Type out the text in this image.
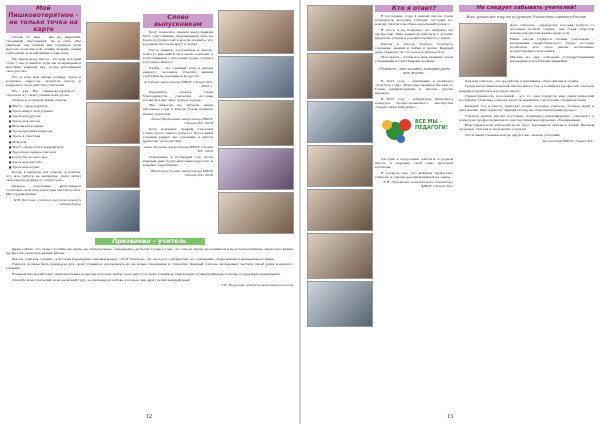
Мой Пишковотерятное – не только точка на карте

Летом 21 мая – мы не знающий, скромный, внутренний ты в себе. Мы уважаем, мы любим, мы гордимся этим местом, этой школой, этими людьми, этими учителями, в своей жизни и навсегда.

На самом деле, школа – это дом, который стоит у нас в памяти, куда мы возвращаемся мыслями каждый раз, когда вспоминаем своё детство.

Это и есть моя малая родина. Здесь я родилась, выросла, окончила школу и вернулась сюда работать учителем.

Что для Вас Пишковотерятное? – спросила я у своих учеников на уроке.

Сперва я получила такие ответы:

■ Место, где я родился

■ Здесь живут мои родные

■ Здесь мои друзья

■ Здесь моя школа

■ Моя малая родина

■ Здесь красивая природа

■ Здесь я счастлив

■ Мой дом

■ Место, куда хочется вернуться

■ Здесь мои первые учителя

■ Гордость за своё село

■ Здесь моё детство

■ Здесь мои корни

Когда я увидела эти ответы, я поняла, что моя работа не напрасна. Дети любят свою малую родину и гордятся ею.

Каждое поколение выпускников оставляет свой след в истории школы и села. Мы гордимся ими.

И.В. Пасхина, учитель русского языка и литературы

Слово выпускникам

Хочу пожелать нашим выпускникам быть счастливыми, уверенными в себе, не бояться трудностей и всегда помнить, что в родной школе их ждут и любят.

Пусть знания, полученные в школе, помогут вам найти своё место в жизни, а воспоминания о школьных годах согреют в трудную минуту.

Учёба – это главный этап в жизни каждого человека. Спасибо нашим учителям за терпение и мудрость.

А.Лобова, выпускница МБОУ «Лицей №3» 2016 г.

Разрешите сказать слова благодарности учителям, которые вложили в нас свою душу и сердце.

Мы никогда не забудем наши школьные годы и всегда будем помнить наших учителей.

Алена Дегтярева, выпускница МБОУ «Лицей №3» 2016

Хочу пожелать первым учителям только всего самого доброго! Пусть ваши ученики радуют вас успехами, а работа приносит удовольствие.

Анна Леонова, выпускница МБОУ «Лицей №3» 2016

Пожелание в последний год: пусть каждый день будет наполнен радостью и новыми открытиями!

Виктория Гусева, выпускница МБОУ «Лицей №3» 2016

Призвание – учитель

Даже сейчас, что люди случайно не такие, не обязательные, совершенно, не были готовы к тому, что они не знали, не понимали и не хотели понимать, насколько важна профессия учителя в нашей жизни.

Школа, учитель, ученик – эти слова неразрывно связаны между собой. Учитель – это не просто профессия, это призвание, образ жизни и жизненная позиция.

Учитель должен быть примером для своих учеников, вдохновлять их на новые свершения и открытия. Каждый учитель вкладывает частицу своей души в каждого ученика.

В нашей школе работают замечательные педагоги, которые любят свою работу и своих учеников. Они всегда готовы прийти на помощь, поддержать и направить.

Спасибо всем учителям за их нелёгкий труд, за терпение и любовь, которые они дарят детям каждый день!

Т.В. Морозова, учитель начальных классов

12
Кто я ответ?

В последние годы в нашей школе стали появляться молодые учителя, которые по-новому смотрят на образовательный процесс.

Я учусь, и не пожалею, что выбрала эту профессию. Мне нравится работать с детьми, видеть их успехи и радоваться вместе с ними.

Работа в школе требует большого терпения, знаний и любви к детям. Каждый день приносит что-то новое и интересное.

Моя мечта – чтобы все мои ученики стали успешными и счастливыми людьми.

«Учитель – это человек, который учит всю жизнь»

В 2012 году – призвание в конкурсе «Учитель года». Благодарственные письма от Главы администрации и многие другие награды.

В 2015 году – победитель областного конкурса профессионального мастерства «Педагогический дебют».

ВСЕ МЫ – ПЕДАГОГИ!

Сегодня я продолжаю работать в родной школе и передаю свой опыт молодым коллегам.

Я горжусь тем, что выбрала профессию учителя, и считаю её самой важной на земле.

Е.Ф. Лукьянова, заместитель директора МБОУ «Лицей №3»

Не следует забывать учителей!

Всех лучших все я шу от их успехов, Учителями славится Россия!

Дело учителя – профессия, которая требует от человека полной отдачи, она стала смыслом жизни для многих наших педагогов.

Наша школа гордится своими учителями – ветеранами педагогического труда, которые посвятили всю свою жизнь воспитанию подрастающего поколения.

Многие из них отмечены государственными наградами и почётными званиями.

Для них учитель – это не работа, а призвание, образ жизни и судьба.

Среди выпускников нашей школы много тех, кто выбрал профессию учителя и вернулся работать в родную школу.

Преемственность поколений – это то, чем гордится наш педагогический коллектив. Опытные учителя делятся знаниями с молодыми специалистами.

Каждый год в школу приходят новые молодые учителя, полные идей и энтузиазма. Они приносят свежий взгляд на образовательный процесс.

Учителя нашей школы постоянно повышают квалификацию, участвуют в конкурсах профессионального мастерства и методических объединениях.

Благодарим всех учителей за их труд, терпение и любовь к детям! Желаем здоровья, счастья и творческих успехов!

Пусть ваши ученики всегда радуют вас своими успехами!

Коллектив МБОУ «Лицей №3»

13
